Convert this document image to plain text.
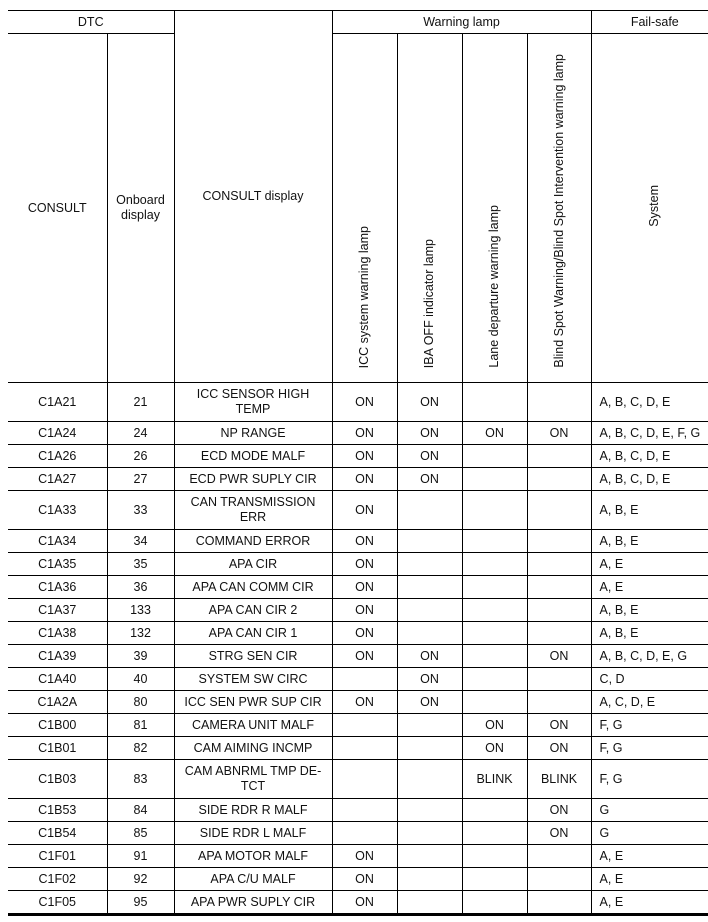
DTC		CONSULT display	Warning lamp				Fail-safe
CONSULT	Onboard display		ICC system warning lamp	IBA OFF indicator lamp	Lane departure warning lamp	Blind Spot Warning/Blind Spot Intervention warning lamp	System
C1A21	21	ICC SENSOR HIGH TEMP	ON	ON			A, B, C, D, E
C1A24	24	NP RANGE	ON	ON	ON	ON	A, B, C, D, E, F, G
C1A26	26	ECD MODE MALF	ON	ON			A, B, C, D, E
C1A27	27	ECD PWR SUPLY CIR	ON	ON			A, B, C, D, E
C1A33	33	CAN TRANSMISSION ERR	ON				A, B, E
C1A34	34	COMMAND ERROR	ON				A, B, E
C1A35	35	APA CIR	ON				A, E
C1A36	36	APA CAN COMM CIR	ON				A, E
C1A37	133	APA CAN CIR 2	ON				A, B, E
C1A38	132	APA CAN CIR 1	ON				A, B, E
C1A39	39	STRG SEN CIR	ON	ON		ON	A, B, C, D, E, G
C1A40	40	SYSTEM SW CIRC		ON			C, D
C1A2A	80	ICC SEN PWR SUP CIR	ON	ON			A, C, D, E
C1B00	81	CAMERA UNIT MALF			ON	ON	F, G
C1B01	82	CAM AIMING INCMP			ON	ON	F, G
C1B03	83	CAM ABNRML TMP DE-TCT			BLINK	BLINK	F, G
C1B53	84	SIDE RDR R MALF				ON	G
C1B54	85	SIDE RDR L MALF				ON	G
C1F01	91	APA MOTOR MALF	ON				A, E
C1F02	92	APA C/U MALF	ON				A, E
C1F05	95	APA PWR SUPLY CIR	ON				A, E
